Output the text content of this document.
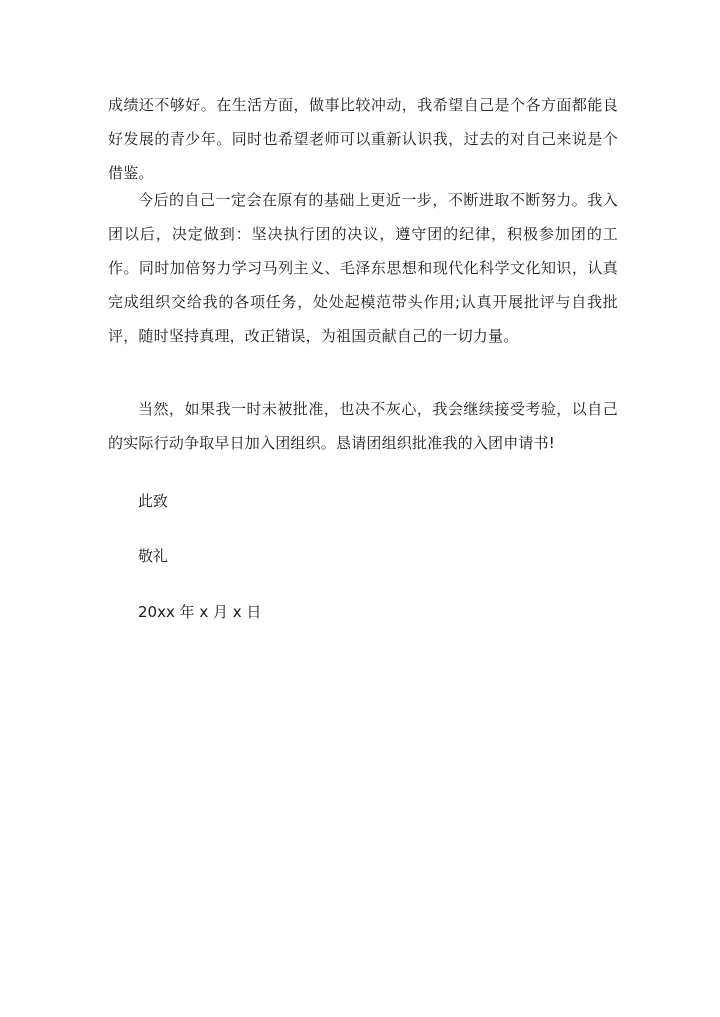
成绩还不够好。在生活方面，做事比较冲动，我希望自己是个各方面都能良好发展的青少年。同时也希望老师可以重新认识我，过去的对自己来说是个借鉴。

今后的自己一定会在原有的基础上更近一步，不断进取不断努力。我入团以后，决定做到：坚决执行团的决议，遵守团的纪律，积极参加团的工作。同时加倍努力学习马列主义、毛泽东思想和现代化科学文化知识，认真完成组织交给我的各项任务，处处起模范带头作用;认真开展批评与自我批评，随时坚持真理，改正错误，为祖国贡献自己的一切力量。

当然，如果我一时未被批准，也决不灰心，我会继续接受考验，以自己的实际行动争取早日加入团组织。恳请团组织批准我的入团申请书!

此致

敬礼

20xx 年 x 月 x 日
